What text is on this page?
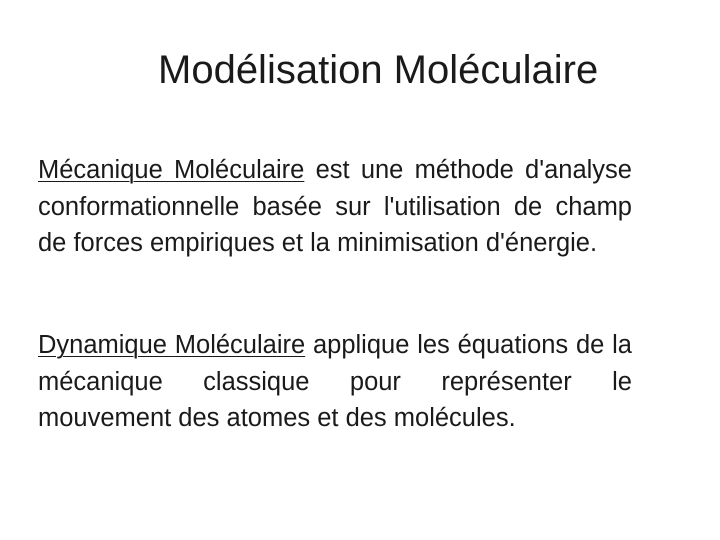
Modélisation Moléculaire

Mécanique Moléculaire est une méthode d'analyse conformationnelle basée sur l'utilisation de champ de forces empiriques et la minimisation d'énergie.

Dynamique Moléculaire applique les équations de la mécanique classique pour représenter le mouvement des atomes et des molécules.
